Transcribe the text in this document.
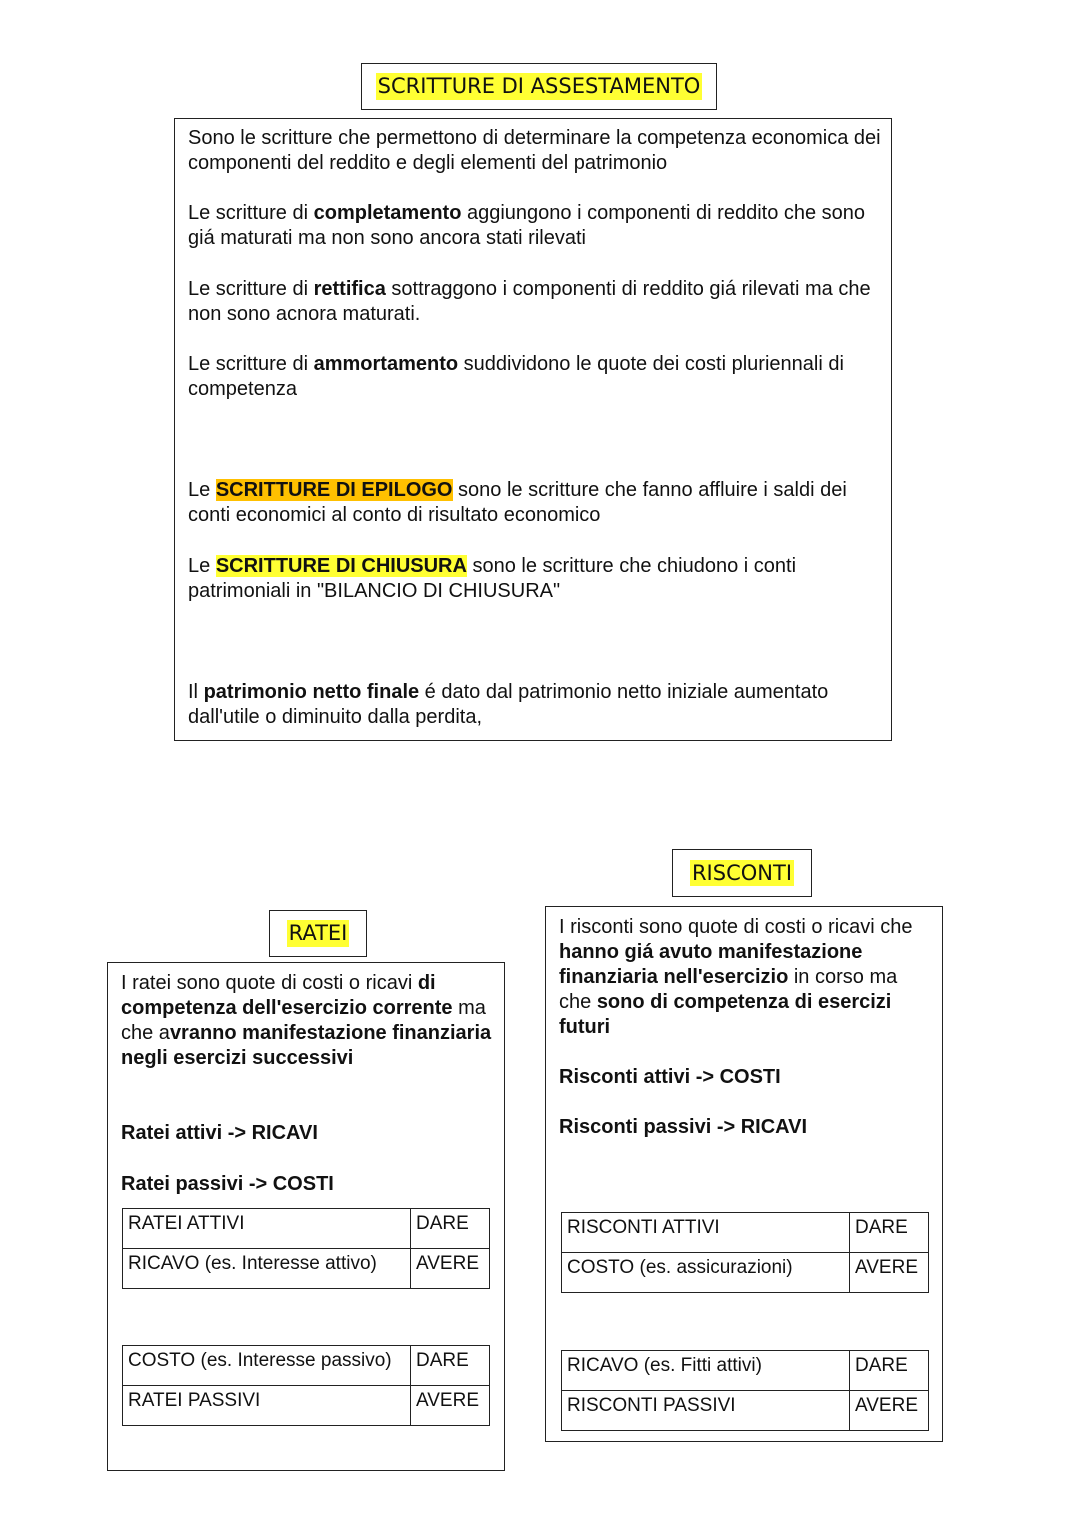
SCRITTURE DI ASSESTAMENTO

Sono le scritture che permettono di determinare la competenza economica dei componenti del reddito e degli elementi del patrimonio

Le scritture di completamento aggiungono i componenti di reddito che sono giá maturati ma non sono ancora stati rilevati

Le scritture di rettifica sottraggono i componenti di reddito giá rilevati ma che non sono acnora maturati.

Le scritture di ammortamento suddividono le quote dei costi pluriennali di competenza

Le SCRITTURE DI EPILOGO sono le scritture che fanno affluire i saldi dei conti economici al conto di risultato economico

Le SCRITTURE DI CHIUSURA sono le scritture che chiudono i conti patrimoniali in "BILANCIO DI CHIUSURA"

Il patrimonio netto finale é dato dal patrimonio netto iniziale aumentato dall'utile o diminuito dalla perdita,

RISCONTI
RATEI

I ratei sono quote di costi o ricavi di competenza dell'esercizio corrente ma che avranno manifestazione finanziaria negli esercizi successivi

Ratei attivi -> RICAVI

Ratei passivi -> COSTI

RATEI ATTIVI	DARE
RICAVO (es. Interesse attivo)	AVERE
COSTO (es. Interesse passivo)	DARE
RATEI PASSIVI	AVERE

I risconti sono quote di costi o ricavi che hanno giá avuto manifestazione finanziaria nell'esercizio in corso ma che sono di competenza di esercizi futuri

Risconti attivi -> COSTI

Risconti passivi -> RICAVI

RISCONTI ATTIVI	DARE
COSTO (es. assicurazioni)	AVERE
RICAVO (es. Fitti attivi)	DARE
RISCONTI PASSIVI	AVERE
